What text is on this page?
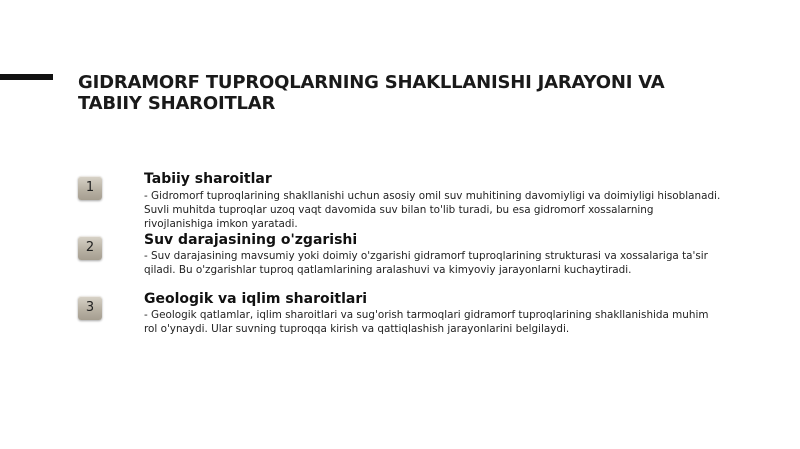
GIDRAMORF TUPROQLARNING SHAKLLANISHI JARAYONI VA TABIIY SHAROITLAR
1
Tabiiy sharoitlar

- Gidromorf tuproqlarining shakllanishi uchun asosiy omil suv muhitining davomiyligi va doimiyligi hisoblanadi. Suvli muhitda tuproqlar uzoq vaqt davomida suv bilan to'lib turadi, bu esa gidromorf xossalarning rivojlanishiga imkon yaratadi.

2	Suv darajasining o'zgarishi

- Suv darajasining mavsumiy yoki doimiy o'zgarishi gidramorf tuproqlarining strukturasi va xossalariga ta'sir qiladi. Bu o'zgarishlar tuproq qatlamlarining aralashuvi va kimyoviy jarayonlarni kuchaytiradi.

3
Geologik va iqlim sharoitlari

- Geologik qatlamlar, iqlim sharoitlari va sug'orish tarmoqlari gidramorf tuproqlarining shakllanishida muhim rol o'ynaydi. Ular suvning tuproqqa kirish va qattiqlashish jarayonlarini belgilaydi.
